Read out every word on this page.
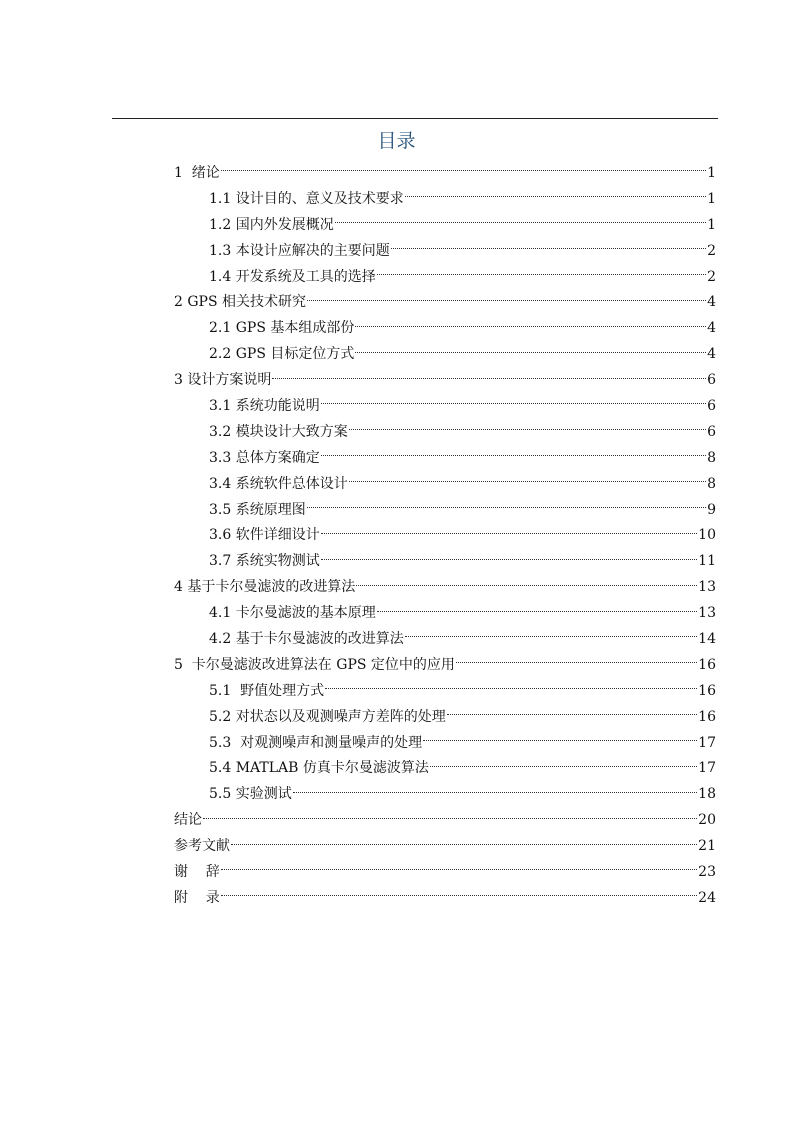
目录
1  绪论	1
1.1 设计目的、意义及技术要求	1
1.2 国内外发展概况	1
1.3 本设计应解决的主要问题	2
1.4 开发系统及工具的选择	2
2 GPS 相关技术研究	4
2.1 GPS 基本组成部份	4
2.2 GPS 目标定位方式	4
3 设计方案说明	6
3.1 系统功能说明	6
3.2 模块设计大致方案	6
3.3 总体方案确定	8
3.4 系统软件总体设计	8
3.5 系统原理图	9
3.6 软件详细设计	10
3.7 系统实物测试	11
4 基于卡尔曼滤波的改进算法	13
4.1 卡尔曼滤波的基本原理	13
4.2 基于卡尔曼滤波的改进算法	14
5  卡尔曼滤波改进算法在 GPS 定位中的应用	16
5.1  野值处理方式	16
5.2 对状态以及观测噪声方差阵的处理	16
5.3  对观测噪声和测量噪声的处理	17
5.4 MATLAB 仿真卡尔曼滤波算法	17
5.5 实验测试	18
结论	20
参考文献	21
谢    辞	23
附    录	24
